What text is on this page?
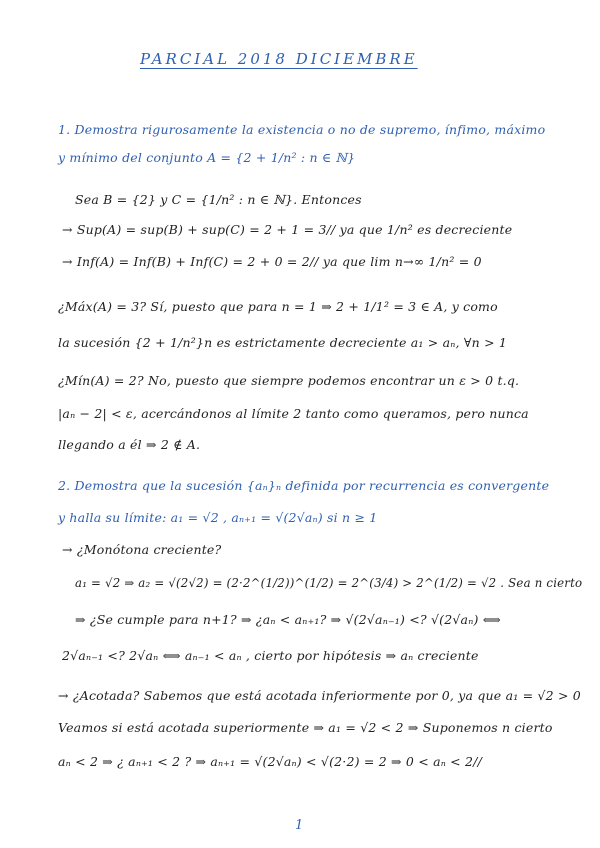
PARCIAL 2018 DICIEMBRE
1. Demostra rigurosamente la existencia o no de supremo, ínfimo, máximo
y mínimo del conjunto A = {2 + 1/n² : n ∈ ℕ}
Sea B = {2} y C = {1/n² : n ∈ ℕ}. Entonces
→ Sup(A) = sup(B) + sup(C) = 2 + 1 = 3// ya que 1/n² es decreciente
→ Inf(A) = Inf(B) + Inf(C) = 2 + 0 = 2// ya que lim n→∞ 1/n² = 0
¿Máx(A) = 3? Sí, puesto que para n = 1 ⇒ 2 + 1/1² = 3 ∈ A, y como
la sucesión {2 + 1/n²}n es estrictamente decreciente a₁ > aₙ, ∀n > 1
¿Mín(A) = 2? No, puesto que siempre podemos encontrar un ε > 0 t.q.
|aₙ − 2| < ε, acercándonos al límite 2 tanto como queramos, pero nunca
llegando a él ⇒ 2 ∉ A.
2. Demostra que la sucesión {aₙ}ₙ definida por recurrencia es convergente
y halla su límite: a₁ = √2 , aₙ₊₁ = √(2√aₙ) si n ≥ 1
→ ¿Monótona creciente?
a₁ = √2 ⇒ a₂ = √(2√2) = (2·2^(1/2))^(1/2) = 2^(3/4) > 2^(1/2) = √2 . Sea n cierto
⇒ ¿Se cumple para n+1? ⇒ ¿aₙ < aₙ₊₁? ⇒ √(2√aₙ₋₁) <? √(2√aₙ) ⟺
2√aₙ₋₁ <? 2√aₙ ⟺ aₙ₋₁ < aₙ , cierto por hipótesis ⇒ aₙ creciente
→ ¿Acotada? Sabemos que está acotada inferiormente por 0, ya que a₁ = √2 > 0
Veamos si está acotada superiormente ⇒ a₁ = √2 < 2 ⇒ Suponemos n cierto
aₙ < 2 ⇒ ¿ aₙ₊₁ < 2 ? ⇒ aₙ₊₁ = √(2√aₙ) < √(2·2) = 2 ⇒ 0 < aₙ < 2//
1
